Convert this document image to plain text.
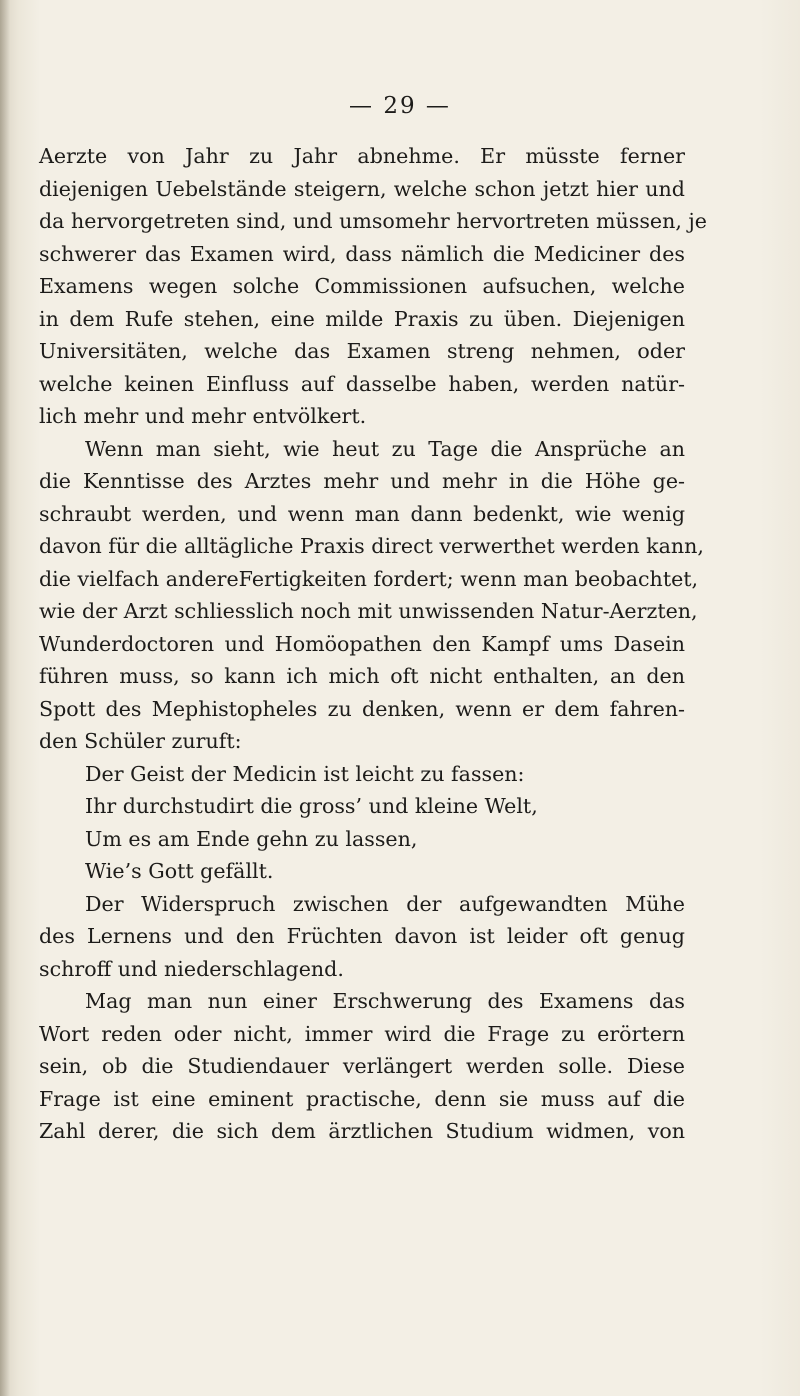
— 29 —
Aerzte von Jahr zu Jahr abnehme. Er müsste ferner
diejenigen Uebelstände steigern, welche schon jetzt hier und
da hervorgetreten sind, und umsomehr hervortreten müssen, je
schwerer das Examen wird, dass nämlich die Mediciner des
Examens wegen solche Commissionen aufsuchen, welche
in dem Rufe stehen, eine milde Praxis zu üben. Diejenigen
Universitäten, welche das Examen streng nehmen, oder
welche keinen Einfluss auf dasselbe haben, werden natür-
lich mehr und mehr entvölkert.
Wenn man sieht, wie heut zu Tage die Ansprüche an
die Kenntisse des Arztes mehr und mehr in die Höhe ge-
schraubt werden, und wenn man dann bedenkt, wie wenig
davon für die alltägliche Praxis direct verwerthet werden kann,
die vielfach andereFertigkeiten fordert; wenn man beobachtet,
wie der Arzt schliesslich noch mit unwissenden Natur-Aerzten,
Wunderdoctoren und Homöopathen den Kampf ums Dasein
führen muss, so kann ich mich oft nicht enthalten, an den
Spott des Mephistopheles zu denken, wenn er dem fahren-
den Schüler zuruft:
Der Geist der Medicin ist leicht zu fassen:
Ihr durchstudirt die gross’ und kleine Welt,
Um es am Ende gehn zu lassen,
Wie’s Gott gefällt.
Der Widerspruch zwischen der aufgewandten Mühe
des Lernens und den Früchten davon ist leider oft genug
schroff und niederschlagend.
Mag man nun einer Erschwerung des Examens das
Wort reden oder nicht, immer wird die Frage zu erörtern
sein, ob die Studiendauer verlängert werden solle. Diese
Frage ist eine eminent practische, denn sie muss auf die
Zahl derer, die sich dem ärztlichen Studium widmen, von
